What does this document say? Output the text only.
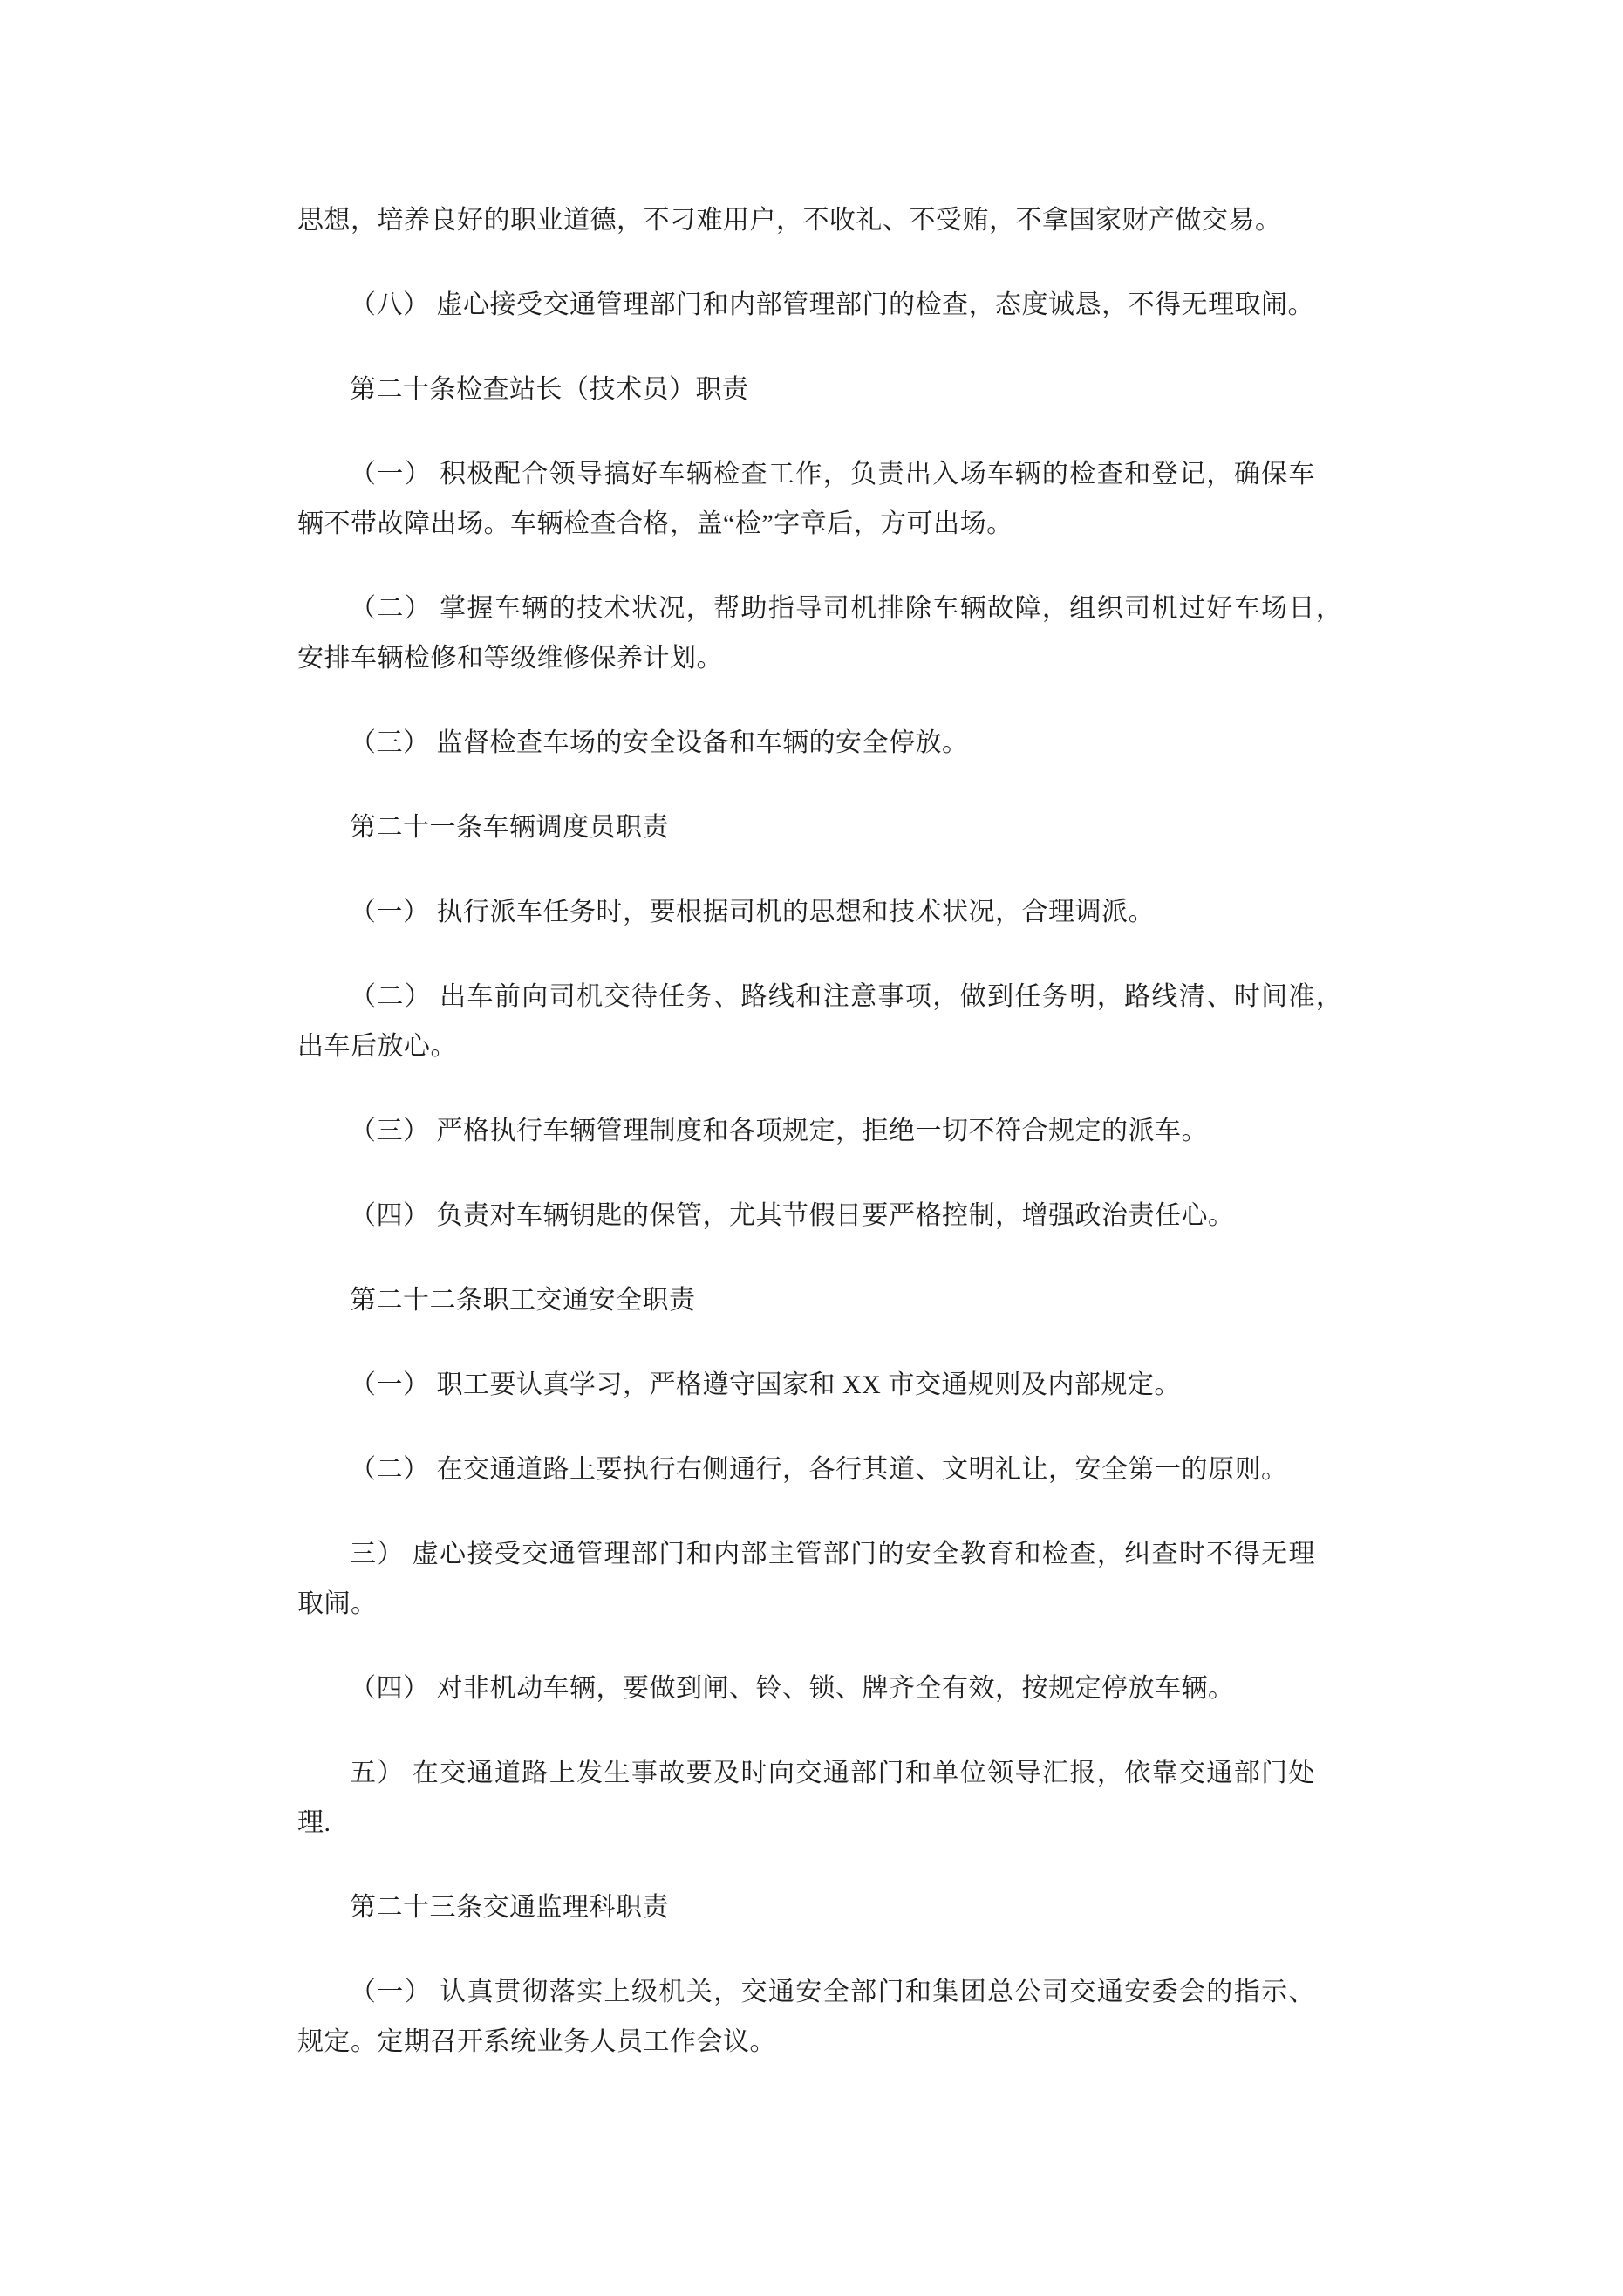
思想，培养良好的职业道德，不刁难用户，不收礼、不受贿，不拿国家财产做交易。
（八） 虚心接受交通管理部门和内部管理部门的检查，态度诚恳，不得无理取闹。
第二十条检查站长（技术员）职责
（一） 积极配合领导搞好车辆检查工作，负责出入场车辆的检查和登记，确保车
辆不带故障出场。车辆检查合格，盖“检”字章后，方可出场。
（二） 掌握车辆的技术状况，帮助指导司机排除车辆故障，组织司机过好车场日，
安排车辆检修和等级维修保养计划。
（三） 监督检查车场的安全设备和车辆的安全停放。
第二十一条车辆调度员职责
（一） 执行派车任务时，要根据司机的思想和技术状况，合理调派。
（二） 出车前向司机交待任务、路线和注意事项，做到任务明，路线清、时间准，
出车后放心。
（三） 严格执行车辆管理制度和各项规定，拒绝一切不符合规定的派车。
（四） 负责对车辆钥匙的保管，尤其节假日要严格控制，增强政治责任心。
第二十二条职工交通安全职责
（一） 职工要认真学习，严格遵守国家和 XX 市交通规则及内部规定。
（二） 在交通道路上要执行右侧通行，各行其道、文明礼让，安全第一的原则。
三） 虚心接受交通管理部门和内部主管部门的安全教育和检查，纠查时不得无理
取闹。
（四） 对非机动车辆，要做到闸、铃、锁、牌齐全有效，按规定停放车辆。
五） 在交通道路上发生事故要及时向交通部门和单位领导汇报，依靠交通部门处
理.
第二十三条交通监理科职责
（一） 认真贯彻落实上级机关，交通安全部门和集团总公司交通安委会的指示、
规定。定期召开系统业务人员工作会议。
